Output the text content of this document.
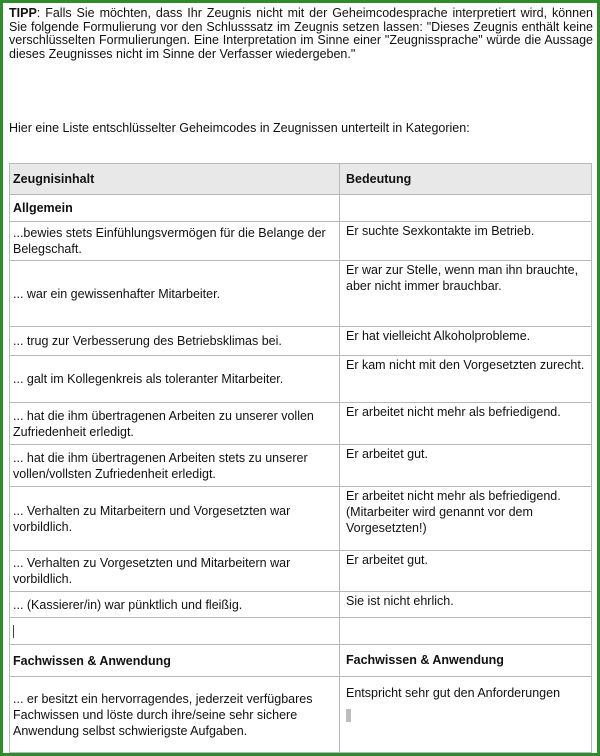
TIPP: Falls Sie möchten, dass Ihr Zeugnis nicht mit der Geheimcodesprache interpretiert wird, können Sie folgende Formulierung vor den Schlusssatz im Zeugnis setzen lassen: "Dieses Zeugnis enthält keine verschlüsselten Formulierungen. Eine Interpretation im Sinne einer "Zeugnissprache" würde die Aussage dieses Zeugnisses nicht im Sinne der Verfasser wiedergeben."

Hier eine Liste entschlüsselter Geheimcodes in Zeugnissen unterteilt in Kategorien:

Zeugnisinhalt	Bedeutung
Allgemein	
...bewies stets Einfühlungsvermögen für die Belange der Belegschaft.	Er suchte Sexkontakte im Betrieb.
... war ein gewissenhafter Mitarbeiter.	Er war zur Stelle, wenn man ihn brauchte, aber nicht immer brauchbar.
... trug zur Verbesserung des Betriebsklimas bei.	Er hat vielleicht Alkoholprobleme.
... galt im Kollegenkreis als toleranter Mitarbeiter.	Er kam nicht mit den Vorgesetzten zurecht.
... hat die ihm übertragenen Arbeiten zu unserer vollen Zufriedenheit erledigt.	Er arbeitet nicht mehr als befriedigend.
... hat die ihm übertragenen Arbeiten stets zu unserer vollen/vollsten Zufriedenheit erledigt.	Er arbeitet gut.
... Verhalten zu Mitarbeitern und Vorgesetzten war vorbildlich.	Er arbeitet nicht mehr als befriedigend. (Mitarbeiter wird genannt vor dem Vorgesetzten!)
... Verhalten zu Vorgesetzten und Mitarbeitern war vorbildlich.	Er arbeitet gut.
... (Kassierer/in) war pünktlich und fleißig.	Sie ist nicht ehrlich.

Fachwissen & Anwendung	Fachwissen & Anwendung
... er besitzt ein hervorragendes, jederzeit verfügbares Fachwissen und löste durch ihre/seine sehr sichere Anwendung selbst schwierigste Aufgaben.	Entspricht sehr gut den Anforderungen
